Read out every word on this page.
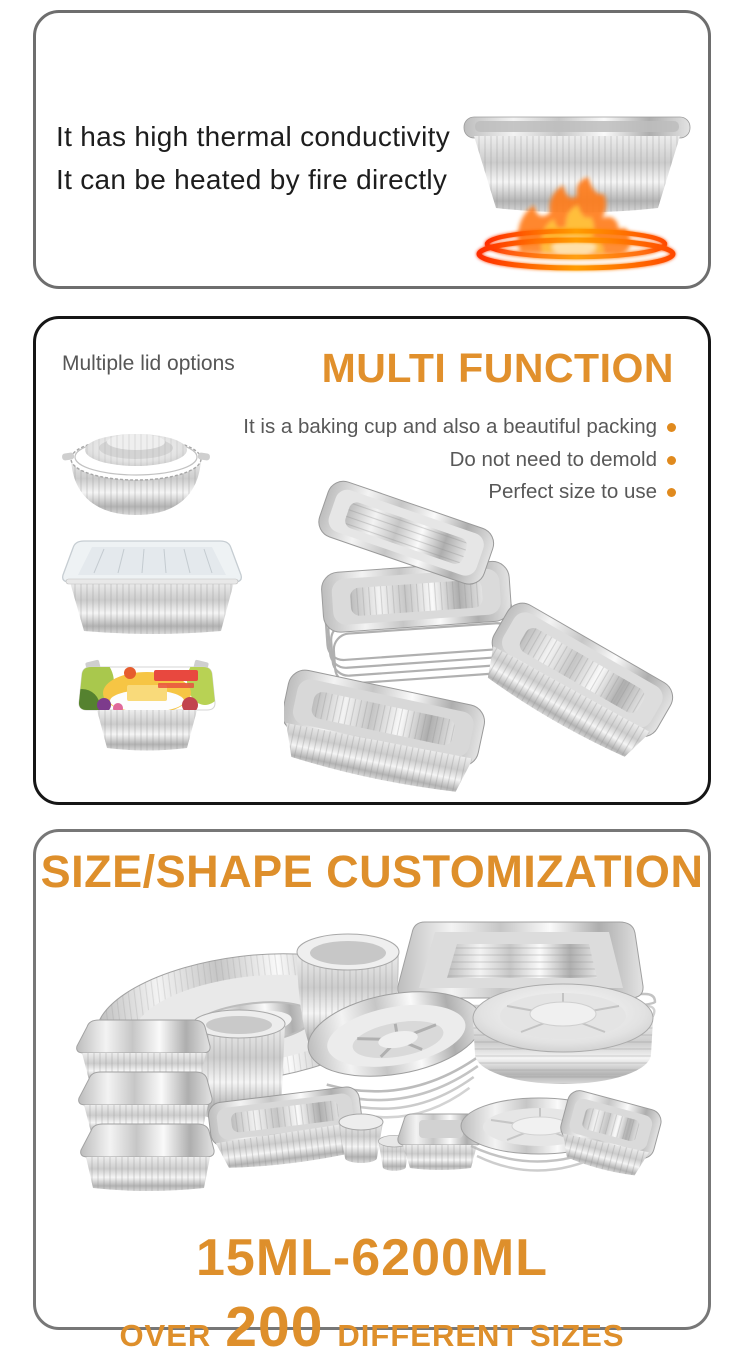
It has high thermal conductivity
It can be heated by fire directly
Multiple lid options MULTI FUNCTION
It is a baking cup and also a beautiful packing
Do not need to demold
Perfect size to use
SIZE/SHAPE CUSTOMIZATION
15ML-6200ML
OVER 200 DIFFERENT SIZES
